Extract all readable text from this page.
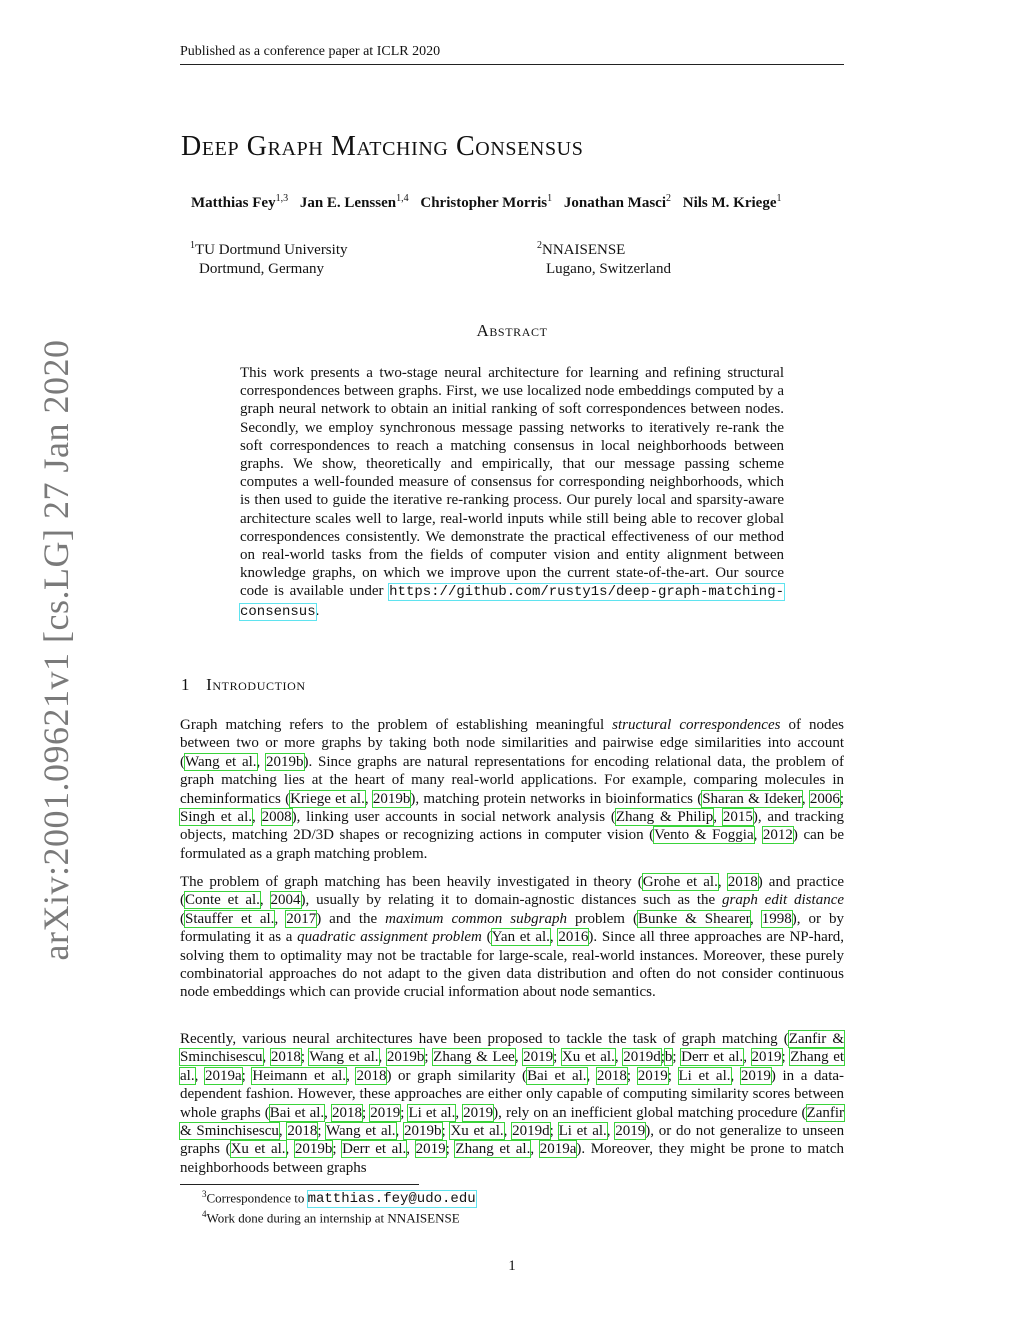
Published as a conference paper at ICLR 2020
arXiv:2001.09621v1 [cs.LG] 27 Jan 2020
Deep Graph Matching Consensus
Matthias Fey$^{1,3}$ Jan E. Lenssen$^{1,4}$ Christopher Morris$^1$ Jonathan Masci$^2$ Nils M. Kriege$^1$
$^1$TU Dortmund University
Dortmund, Germany
$^2$NNAISENSE
Lugano, Switzerland
Abstract
This work presents a two-stage neural architecture for learning and refining structural correspondences between graphs. First, we use localized node embeddings computed by a graph neural network to obtain an initial ranking of soft correspondences between nodes. Secondly, we employ synchronous message passing networks to iteratively re-rank the soft correspondences to reach a matching consensus in local neighborhoods between graphs. We show, theoretically and empirically, that our message passing scheme computes a well-founded measure of consensus for corresponding neighborhoods, which is then used to guide the iterative re-ranking process. Our purely local and sparsity-aware architecture scales well to large, real-world inputs while still being able to recover global correspondences consistently. We demonstrate the practical effectiveness of our method on real-world tasks from the fields of computer vision and entity alignment between knowledge graphs, on which we improve upon the current state-of-the-art. Our source code is available under https://github.com/rusty1s/deep-graph-matching-consensus.
1 Introduction
Graph matching refers to the problem of establishing meaningful structural correspondences of nodes between two or more graphs by taking both node similarities and pairwise edge similarities into account (Wang et al., 2019b). Since graphs are natural representations for encoding relational data, the problem of graph matching lies at the heart of many real-world applications. For example, comparing molecules in cheminformatics (Kriege et al., 2019b), matching protein networks in bioinformatics (Sharan & Ideker, 2006; Singh et al., 2008), linking user accounts in social network analysis (Zhang & Philip, 2015), and tracking objects, matching 2D/3D shapes or recognizing actions in computer vision (Vento & Foggia, 2012) can be formulated as a graph matching problem.
The problem of graph matching has been heavily investigated in theory (Grohe et al., 2018) and practice (Conte et al., 2004), usually by relating it to domain-agnostic distances such as the graph edit distance (Stauffer et al., 2017) and the maximum common subgraph problem (Bunke & Shearer, 1998), or by formulating it as a quadratic assignment problem (Yan et al., 2016). Since all three approaches are NP-hard, solving them to optimality may not be tractable for large-scale, real-world instances. Moreover, these purely combinatorial approaches do not adapt to the given data distribution and often do not consider continuous node embeddings which can provide crucial information about node semantics.
Recently, various neural architectures have been proposed to tackle the task of graph matching (Zanfir & Sminchisescu, 2018; Wang et al., 2019b; Zhang & Lee, 2019; Xu et al., 2019d;b; Derr et al., 2019; Zhang et al., 2019a; Heimann et al., 2018) or graph similarity (Bai et al., 2018; 2019; Li et al., 2019) in a data-dependent fashion. However, these approaches are either only capable of computing similarity scores between whole graphs (Bai et al., 2018; 2019; Li et al., 2019), rely on an inefficient global matching procedure (Zanfir & Sminchisescu, 2018; Wang et al., 2019b; Xu et al., 2019d; Li et al., 2019), or do not generalize to unseen graphs (Xu et al., 2019b; Derr et al., 2019; Zhang et al., 2019a). Moreover, they might be prone to match neighborhoods between graphs
$^3$Correspondence to matthias.fey@udo.edu
$^4$Work done during an internship at NNAISENSE
1
